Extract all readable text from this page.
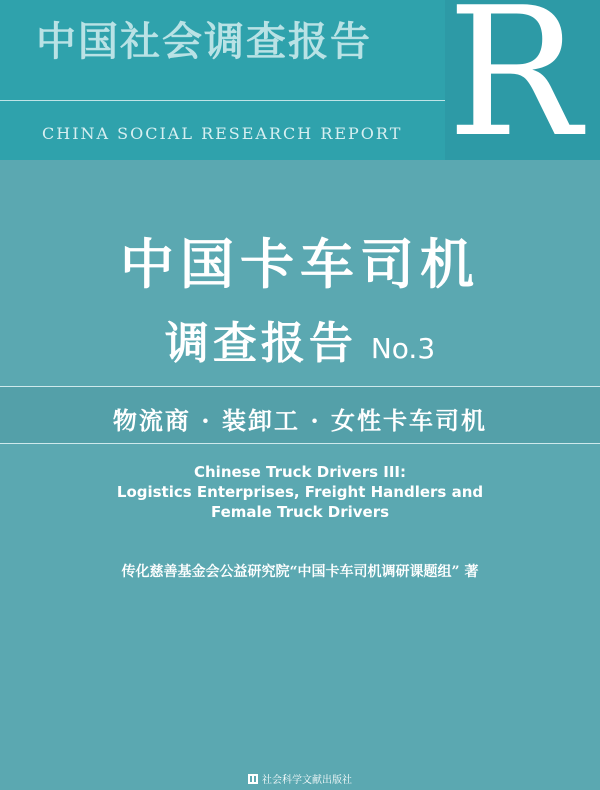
中国社会调查报告
CHINA SOCIAL RESEARCH REPORT R
中国卡车司机
调查报告 No.3
物流商 · 装卸工 · 女性卡车司机
Chinese Truck Drivers III:
Logistics Enterprises, Freight Handlers and
Female Truck Drivers
传化慈善基金会公益研究院“中国卡车司机调研课题组” 著
社会科学文献出版社
